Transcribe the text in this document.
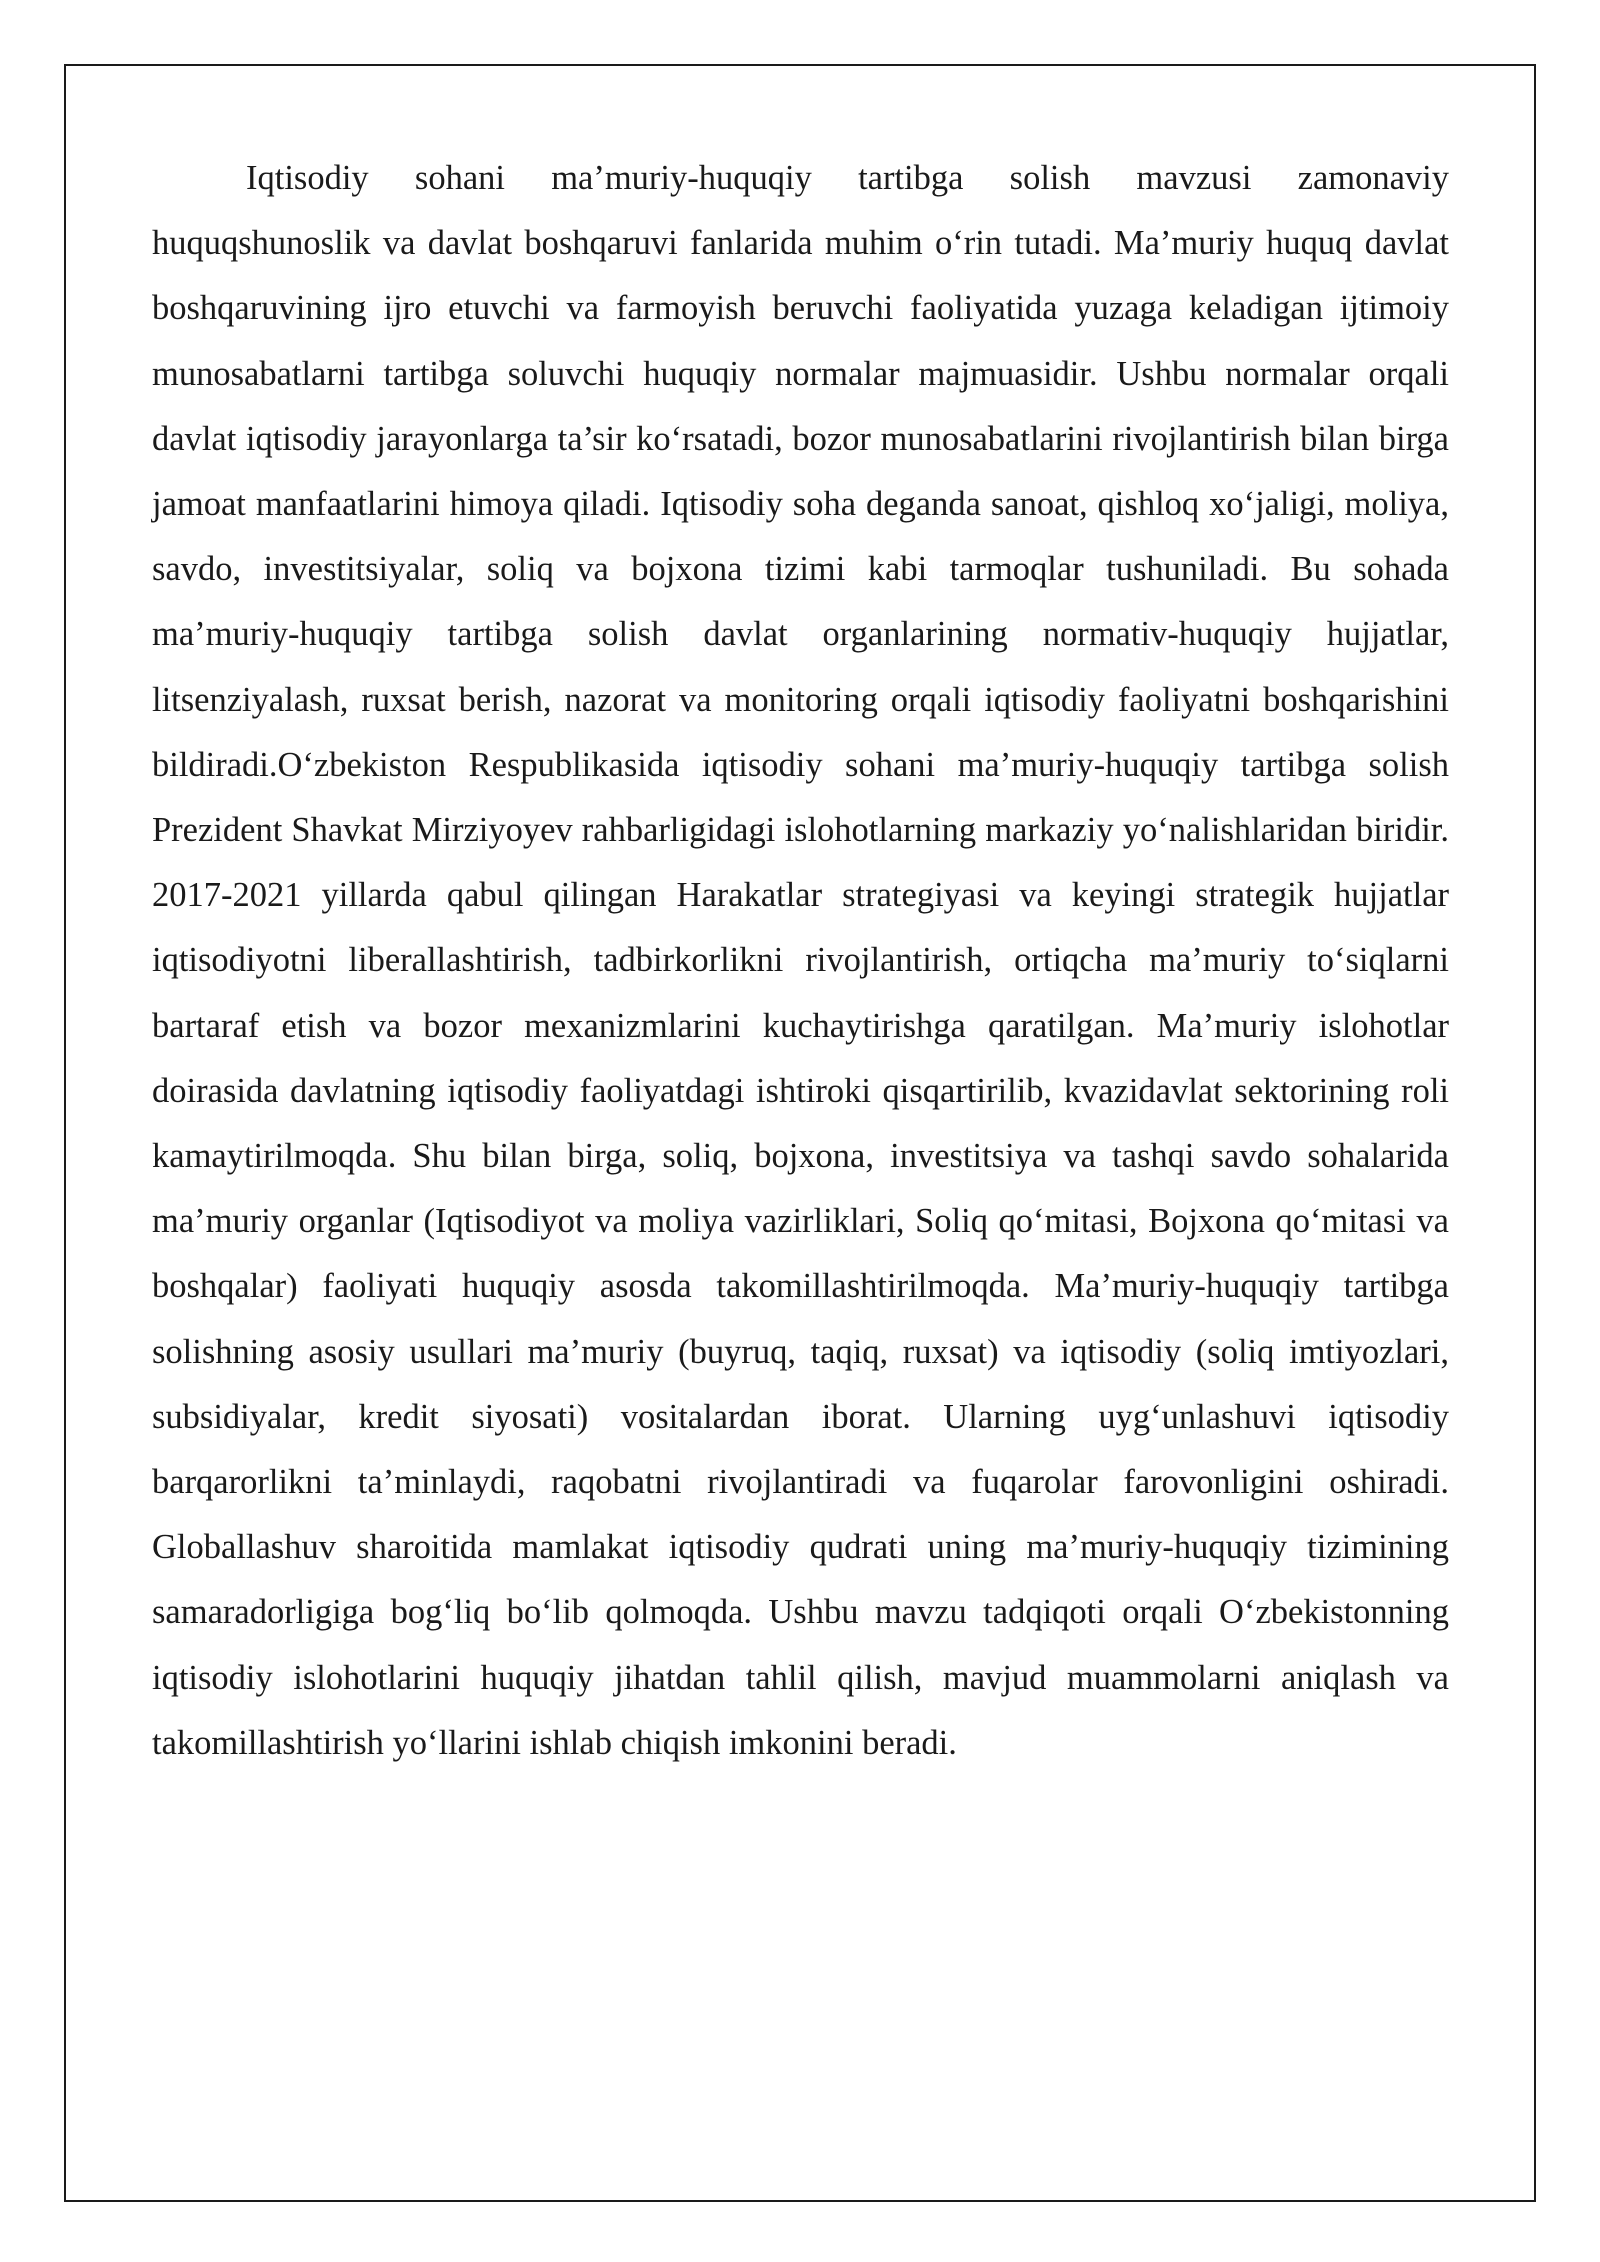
Iqtisodiy sohani ma’muriy-huquqiy tartibga solish mavzusi zamonaviy huquqshunoslik va davlat boshqaruvi fanlarida muhim o‘rin tutadi. Ma’muriy huquq davlat boshqaruvining ijro etuvchi va farmoyish beruvchi faoliyatida yuzaga keladigan ijtimoiy munosabatlarni tartibga soluvchi huquqiy normalar majmuasidir. Ushbu normalar orqali davlat iqtisodiy jarayonlarga ta’sir ko‘rsatadi, bozor munosabatlarini rivojlantirish bilan birga jamoat manfaatlarini himoya qiladi. Iqtisodiy soha deganda sanoat, qishloq xo‘jaligi, moliya, savdo, investitsiyalar, soliq va bojxona tizimi kabi tarmoqlar tushuniladi. Bu sohada ma’muriy-huquqiy tartibga solish davlat organlarining normativ-huquqiy hujjatlar, litsenziyalash, ruxsat berish, nazorat va monitoring orqali iqtisodiy faoliyatni boshqarishini bildiradi.O‘zbekiston Respublikasida iqtisodiy sohani ma’muriy-huquqiy tartibga solish Prezident Shavkat Mirziyoyev rahbarligidagi islohotlarning markaziy yo‘nalishlaridan biridir. 2017-2021 yillarda qabul qilingan Harakatlar strategiyasi va keyingi strategik hujjatlar iqtisodiyotni liberallashtirish, tadbirkorlikni rivojlantirish, ortiqcha ma’muriy to‘siqlarni bartaraf etish va bozor mexanizmlarini kuchaytirishga qaratilgan. Ma’muriy islohotlar doirasida davlatning iqtisodiy faoliyatdagi ishtiroki qisqartirilib, kvazidavlat sektorining roli kamaytirilmoqda. Shu bilan birga, soliq, bojxona, investitsiya va tashqi savdo sohalarida ma’muriy organlar (Iqtisodiyot va moliya vazirliklari, Soliq qo‘mitasi, Bojxona qo‘mitasi va boshqalar) faoliyati huquqiy asosda takomillashtirilmoqda. Ma’muriy-huquqiy tartibga solishning asosiy usullari ma’muriy (buyruq, taqiq, ruxsat) va iqtisodiy (soliq imtiyozlari, subsidiyalar, kredit siyosati) vositalardan iborat. Ularning uyg‘unlashuvi iqtisodiy barqarorlikni ta’minlaydi, raqobatni rivojlantiradi va fuqarolar farovonligini oshiradi. Globallashuv sharoitida mamlakat iqtisodiy qudrati uning ma’muriy-huquqiy tizimining samaradorligiga bog‘liq bo‘lib qolmoqda. Ushbu mavzu tadqiqoti orqali O‘zbekistonning iqtisodiy islohotlarini huquqiy jihatdan tahlil qilish, mavjud muammolarni aniqlash va takomillashtirish yo‘llarini ishlab chiqish imkonini beradi.
